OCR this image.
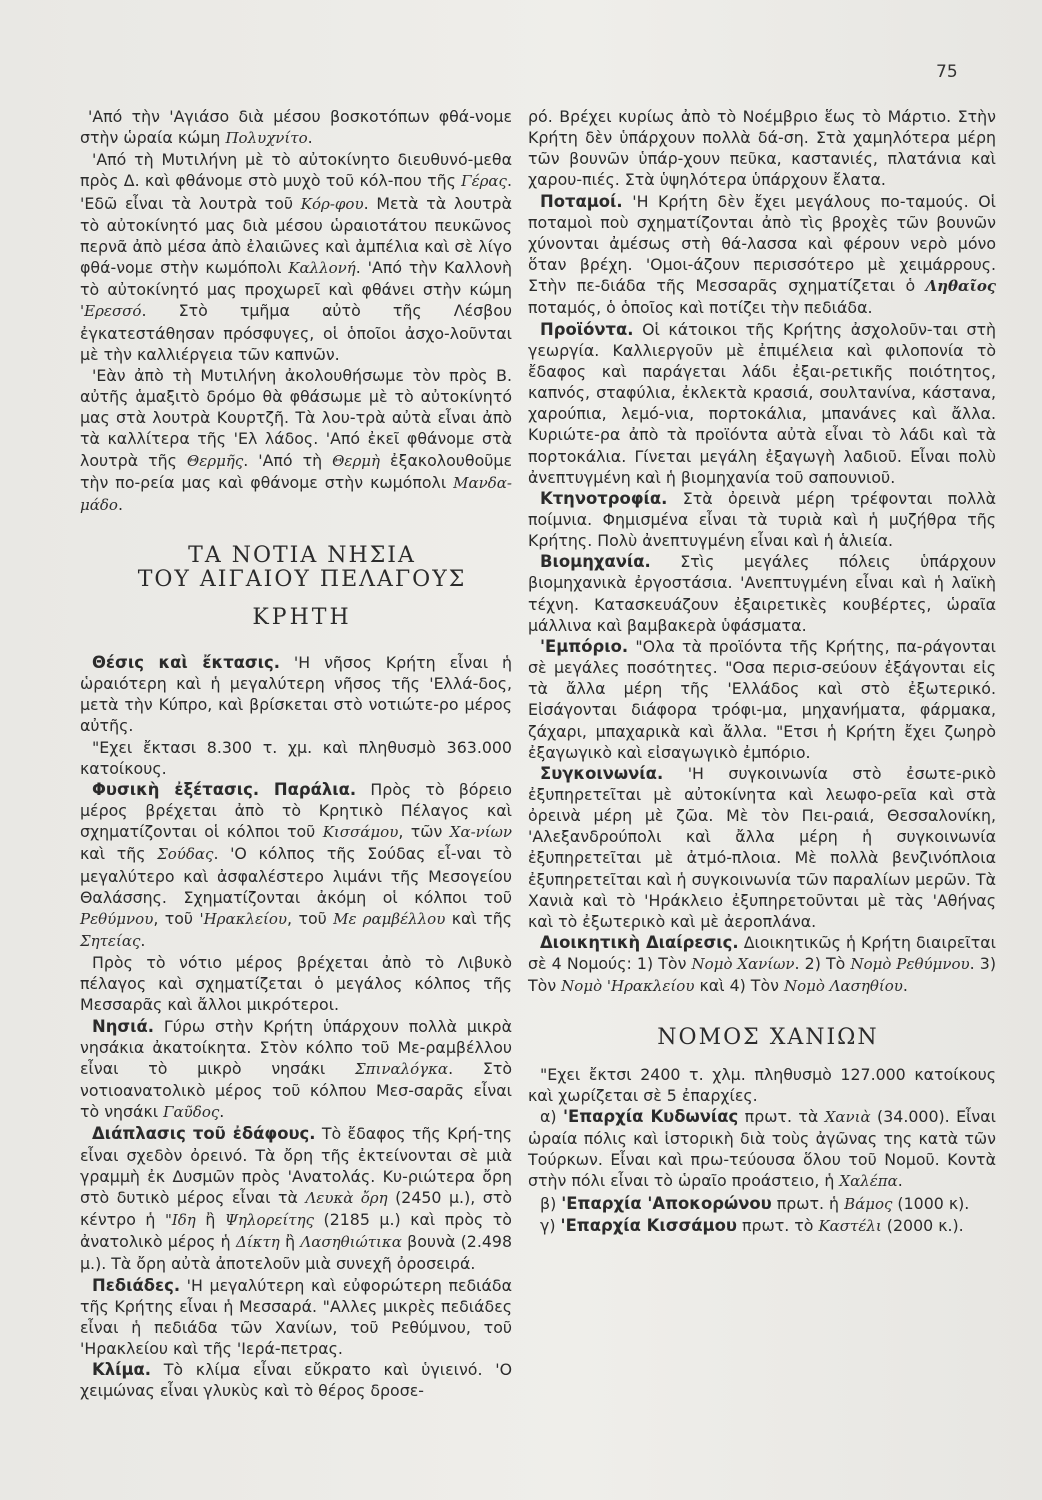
75

'Από τὴν 'Αγιάσο διὰ μέσου βοσκοτόπων φθά-νομε στὴν ὡραία κώμη Πολυχνίτο.

'Από τὴ Μυτιλήνη μὲ τὸ αὐτοκίνητο διευθυνό-μεθα πρὸς Δ. καὶ φθάνομε στὸ μυχὸ τοῦ κόλ-που τῆς Γέρας. 'Εδῶ εἶναι τὰ λουτρὰ τοῦ Κόρ-φου. Μετὰ τὰ λουτρὰ τὸ αὐτοκίνητό μας διὰ μέσου ὡραιοτάτου πευκῶνος περνᾶ ἀπὸ μέσα ἀπὸ ἐλαιῶνες καὶ ἀμπέλια καὶ σὲ λίγο φθά-νομε στὴν κωμόπολι Καλλονή. 'Από τὴν Καλλονὴ τὸ αὐτοκίνητό μας προχωρεῖ καὶ φθάνει στὴν κώμη 'Ερεσσό. Στὸ τμῆμα αὐτὸ τῆς Λέσβου ἐγκατεστάθησαν πρόσφυγες, οἱ ὁποῖοι ἀσχο-λοῦνται μὲ τὴν καλλιέργεια τῶν καπνῶν.

'Εὰν ἀπὸ τὴ Μυτιλήνη ἀκολουθήσωμε τὸν πρὸς Β. αὐτῆς ἁμαξιτὸ δρόμο θὰ φθάσωμε μὲ τὸ αὐτοκίνητό μας στὰ λουτρὰ Κουρτζῆ. Τὰ λου-τρὰ αὐτὰ εἶναι ἀπὸ τὰ καλλίτερα τῆς 'Ελ λάδος. 'Από ἐκεῖ φθάνομε στὰ λουτρὰ τῆς Θερμῆς. 'Από τὴ Θερμὴ ἐξακολουθοῦμε τὴν πο-ρεία μας καὶ φθάνομε στὴν κωμόπολι Μανδα-μάδο.

ΤΑ ΝΟΤΙΑ ΝΗΣΙΑ

ΤΟΥ ΑΙΓΑΙΟΥ ΠΕΛΑΓΟΥΣ

ΚΡΗΤΗ

Θέσις καὶ ἔκτασις. 'Η νῆσος Κρήτη εἶναι ἡ ὡραιότερη καὶ ἡ μεγαλύτερη νῆσος τῆς 'Ελλά-δος, μετὰ τὴν Κύπρο, καὶ βρίσκεται στὸ νοτιώτε-ρο μέρος αὐτῆς.

"Εχει ἔκτασι 8.300 τ. χμ. καὶ πληθυσμὸ 363.000 κατοίκους.

Φυσικὴ ἐξέτασις. Παράλια. Πρὸς τὸ βόρειο μέρος βρέχεται ἀπὸ τὸ Κρητικὸ Πέλαγος καὶ σχηματίζονται οἱ κόλποι τοῦ Κισσάμου, τῶν Χα-νίων καὶ τῆς Σούδας. 'Ο κόλπος τῆς Σούδας εἶ-ναι τὸ μεγαλύτερο καὶ ἀσφαλέστερο λιμάνι τῆς Μεσογείου Θαλάσσης. Σχηματίζονται ἀκόμη οἱ κόλποι τοῦ Ρεθύμνου, τοῦ 'Ηρακλείου, τοῦ Με ραμβέλλου καὶ τῆς Σητείας.

Πρὸς τὸ νότιο μέρος βρέχεται ἀπὸ τὸ Λιβυκὸ πέλαγος καὶ σχηματίζεται ὁ μεγάλος κόλπος τῆς Μεσσαρᾶς καὶ ἄλλοι μικρότεροι.

Νησιά. Γύρω στὴν Κρήτη ὑπάρχουν πολλὰ μικρὰ νησάκια ἀκατοίκητα. Στὸν κόλπο τοῦ Με-ραμβέλλου εἶναι τὸ μικρὸ νησάκι Σπιναλόγκα. Στὸ νοτιοανατολικὸ μέρος τοῦ κόλπου Μεσ-σαρᾶς εἶναι τὸ νησάκι Γαῦδος.

Διάπλασις τοῦ ἐδάφους. Τὸ ἔδαφος τῆς Κρή-της εἶναι σχεδὸν ὀρεινό. Τὰ ὄρη τῆς ἐκτείνονται σὲ μιὰ γραμμὴ ἐκ Δυσμῶν πρὸς 'Ανατολάς. Κυ-ριώτερα ὄρη στὸ δυτικὸ μέρος εἶναι τὰ Λευκὰ ὄρη (2450 μ.), στὸ κέντρο ἡ "Ιδη ἢ Ψηλορείτης (2185 μ.) καὶ πρὸς τὸ ἀνατολικὸ μέρος ἡ Δίκτη ἢ Λασηθιώτικα βουνὰ (2.498 μ.). Τὰ ὄρη αὐτὰ ἀποτελοῦν μιὰ συνεχῆ ὀροσειρά.

Πεδιάδες. 'Η μεγαλύτερη καὶ εὐφορώτερη πεδιάδα τῆς Κρήτης εἶναι ἡ Μεσσαρά. "Αλλες μικρὲς πεδιάδες εἶναι ἡ πεδιάδα τῶν Χανίων, τοῦ Ρεθύμνου, τοῦ 'Ηρακλείου καὶ τῆς 'Ιερά-πετρας.

Κλίμα. Τὸ κλίμα εἶναι εὔκρατο καὶ ὑγιεινό. 'Ο χειμώνας εἶναι γλυκὺς καὶ τὸ θέρος δροσε-

ρό. Βρέχει κυρίως ἀπὸ τὸ Νοέμβριο ἕως τὸ Μάρτιο. Στὴν Κρήτη δὲν ὑπάρχουν πολλὰ δά-ση. Στὰ χαμηλότερα μέρη τῶν βουνῶν ὑπάρ-χουν πεῦκα, καστανιές, πλατάνια καὶ χαρου-πιές. Στὰ ὑψηλότερα ὑπάρχουν ἔλατα.

Ποταμοί. 'Η Κρήτη δὲν ἔχει μεγάλους πο-ταμούς. Οἱ ποταμοὶ ποὺ σχηματίζονται ἀπὸ τὶς βροχὲς τῶν βουνῶν χύνονται ἀμέσως στὴ θά-λασσα καὶ φέρουν νερὸ μόνο ὅταν βρέχη. 'Ομοι-άζουν περισσότερο μὲ χειμάρρους. Στὴν πε-διάδα τῆς Μεσσαρᾶς σχηματίζεται ὁ Ληθαῖος ποταμός, ὁ ὁποῖος καὶ ποτίζει τὴν πεδιάδα.

Προϊόντα. Οἱ κάτοικοι τῆς Κρήτης ἀσχολοῦν-ται στὴ γεωργία. Καλλιεργοῦν μὲ ἐπιμέλεια καὶ φιλοπονία τὸ ἔδαφος καὶ παράγεται λάδι ἐξαι-ρετικῆς ποιότητος, καπνός, σταφύλια, ἐκλεκτὰ κρασιά, σουλτανίνα, κάστανα, χαρούπια, λεμό-νια, πορτοκάλια, μπανάνες καὶ ἄλλα. Κυριώτε-ρα ἀπὸ τὰ προϊόντα αὐτὰ εἶναι τὸ λάδι καὶ τὰ πορτοκάλια. Γίνεται μεγάλη ἐξαγωγὴ λαδιοῦ. Εἶναι πολὺ ἀνεπτυγμένη καὶ ἡ βιομηχανία τοῦ σαπουνιοῦ.

Κτηνοτροφία. Στὰ ὀρεινὰ μέρη τρέφονται πολλὰ ποίμνια. Φημισμένα εἶναι τὰ τυριὰ καὶ ἡ μυζήθρα τῆς Κρήτης. Πολὺ ἀνεπτυγμένη εἶναι καὶ ἡ ἁλιεία.

Βιομηχανία. Στὶς μεγάλες πόλεις ὑπάρχουν βιομηχανικὰ ἐργοστάσια. 'Ανεπτυγμένη εἶναι καὶ ἡ λαϊκὴ τέχνη. Κατασκευάζουν ἐξαιρετικὲς κουβέρτες, ὡραῖα μάλλινα καὶ βαμβακερὰ ὑφάσματα.

'Εμπόριο. "Ολα τὰ προϊόντα τῆς Κρήτης, πα-ράγονται σὲ μεγάλες ποσότητες. "Οσα περισ-σεύουν ἐξάγονται εἰς τὰ ἄλλα μέρη τῆς 'Ελλάδος καὶ στὸ ἐξωτερικό. Εἰσάγονται διάφορα τρόφι-μα, μηχανήματα, φάρμακα, ζάχαρι, μπαχαρικὰ καὶ ἄλλα. "Ετσι ἡ Κρήτη ἔχει ζωηρὸ ἐξαγωγικὸ καὶ εἰσαγωγικὸ ἐμπόριο.

Συγκοινωνία. 'Η συγκοινωνία στὸ ἐσωτε-ρικὸ ἐξυπηρετεῖται μὲ αὐτοκίνητα καὶ λεωφο-ρεῖα καὶ στὰ ὀρεινὰ μέρη μὲ ζῶα. Μὲ τὸν Πει-ραιά, Θεσσαλονίκη, 'Αλεξανδρούπολι καὶ ἄλλα μέρη ἡ συγκοινωνία ἐξυπηρετεῖται μὲ ἀτμό-πλοια. Μὲ πολλὰ βενζινόπλοια ἐξυπηρετεῖται καὶ ἡ συγκοινωνία τῶν παραλίων μερῶν. Τὰ Χανιὰ καὶ τὸ 'Ηράκλειο ἐξυπηρετοῦνται μὲ τὰς 'Αθήνας καὶ τὸ ἐξωτερικὸ καὶ μὲ ἀεροπλάνα.

Διοικητικὴ Διαίρεσις. Διοικητικῶς ἡ Κρήτη διαιρεῖται σὲ 4 Νομούς: 1) Τὸν Νομὸ Χανίων. 2) Τὸ Νομὸ Ρεθύμνου. 3) Τὸν Νομὸ 'Ηρακλείου καὶ 4) Τὸν Νομὸ Λασηθίου.

ΝΟΜΟΣ ΧΑΝΙΩΝ

"Εχει ἔκτσι 2400 τ. χλμ. πληθυσμὸ 127.000 κατοίκους καὶ χωρίζεται σὲ 5 ἐπαρχίες.

α) 'Επαρχία Κυδωνίας πρωτ. τὰ Χανιὰ (34.000). Εἶναι ὡραία πόλις καὶ ἱστορικὴ διὰ τοὺς ἀγῶνας της κατὰ τῶν Τούρκων. Εἶναι καὶ πρω-τεύουσα ὅλου τοῦ Νομοῦ. Κοντὰ στὴν πόλι εἶναι τὸ ὡραῖο προάστειο, ἡ Χαλέπα.

β) 'Επαρχία 'Αποκορώνου πρωτ. ἡ Βάμος (1000 κ).

γ) 'Επαρχία Κισσάμου πρωτ. τὸ Καστέλι (2000 κ.).
